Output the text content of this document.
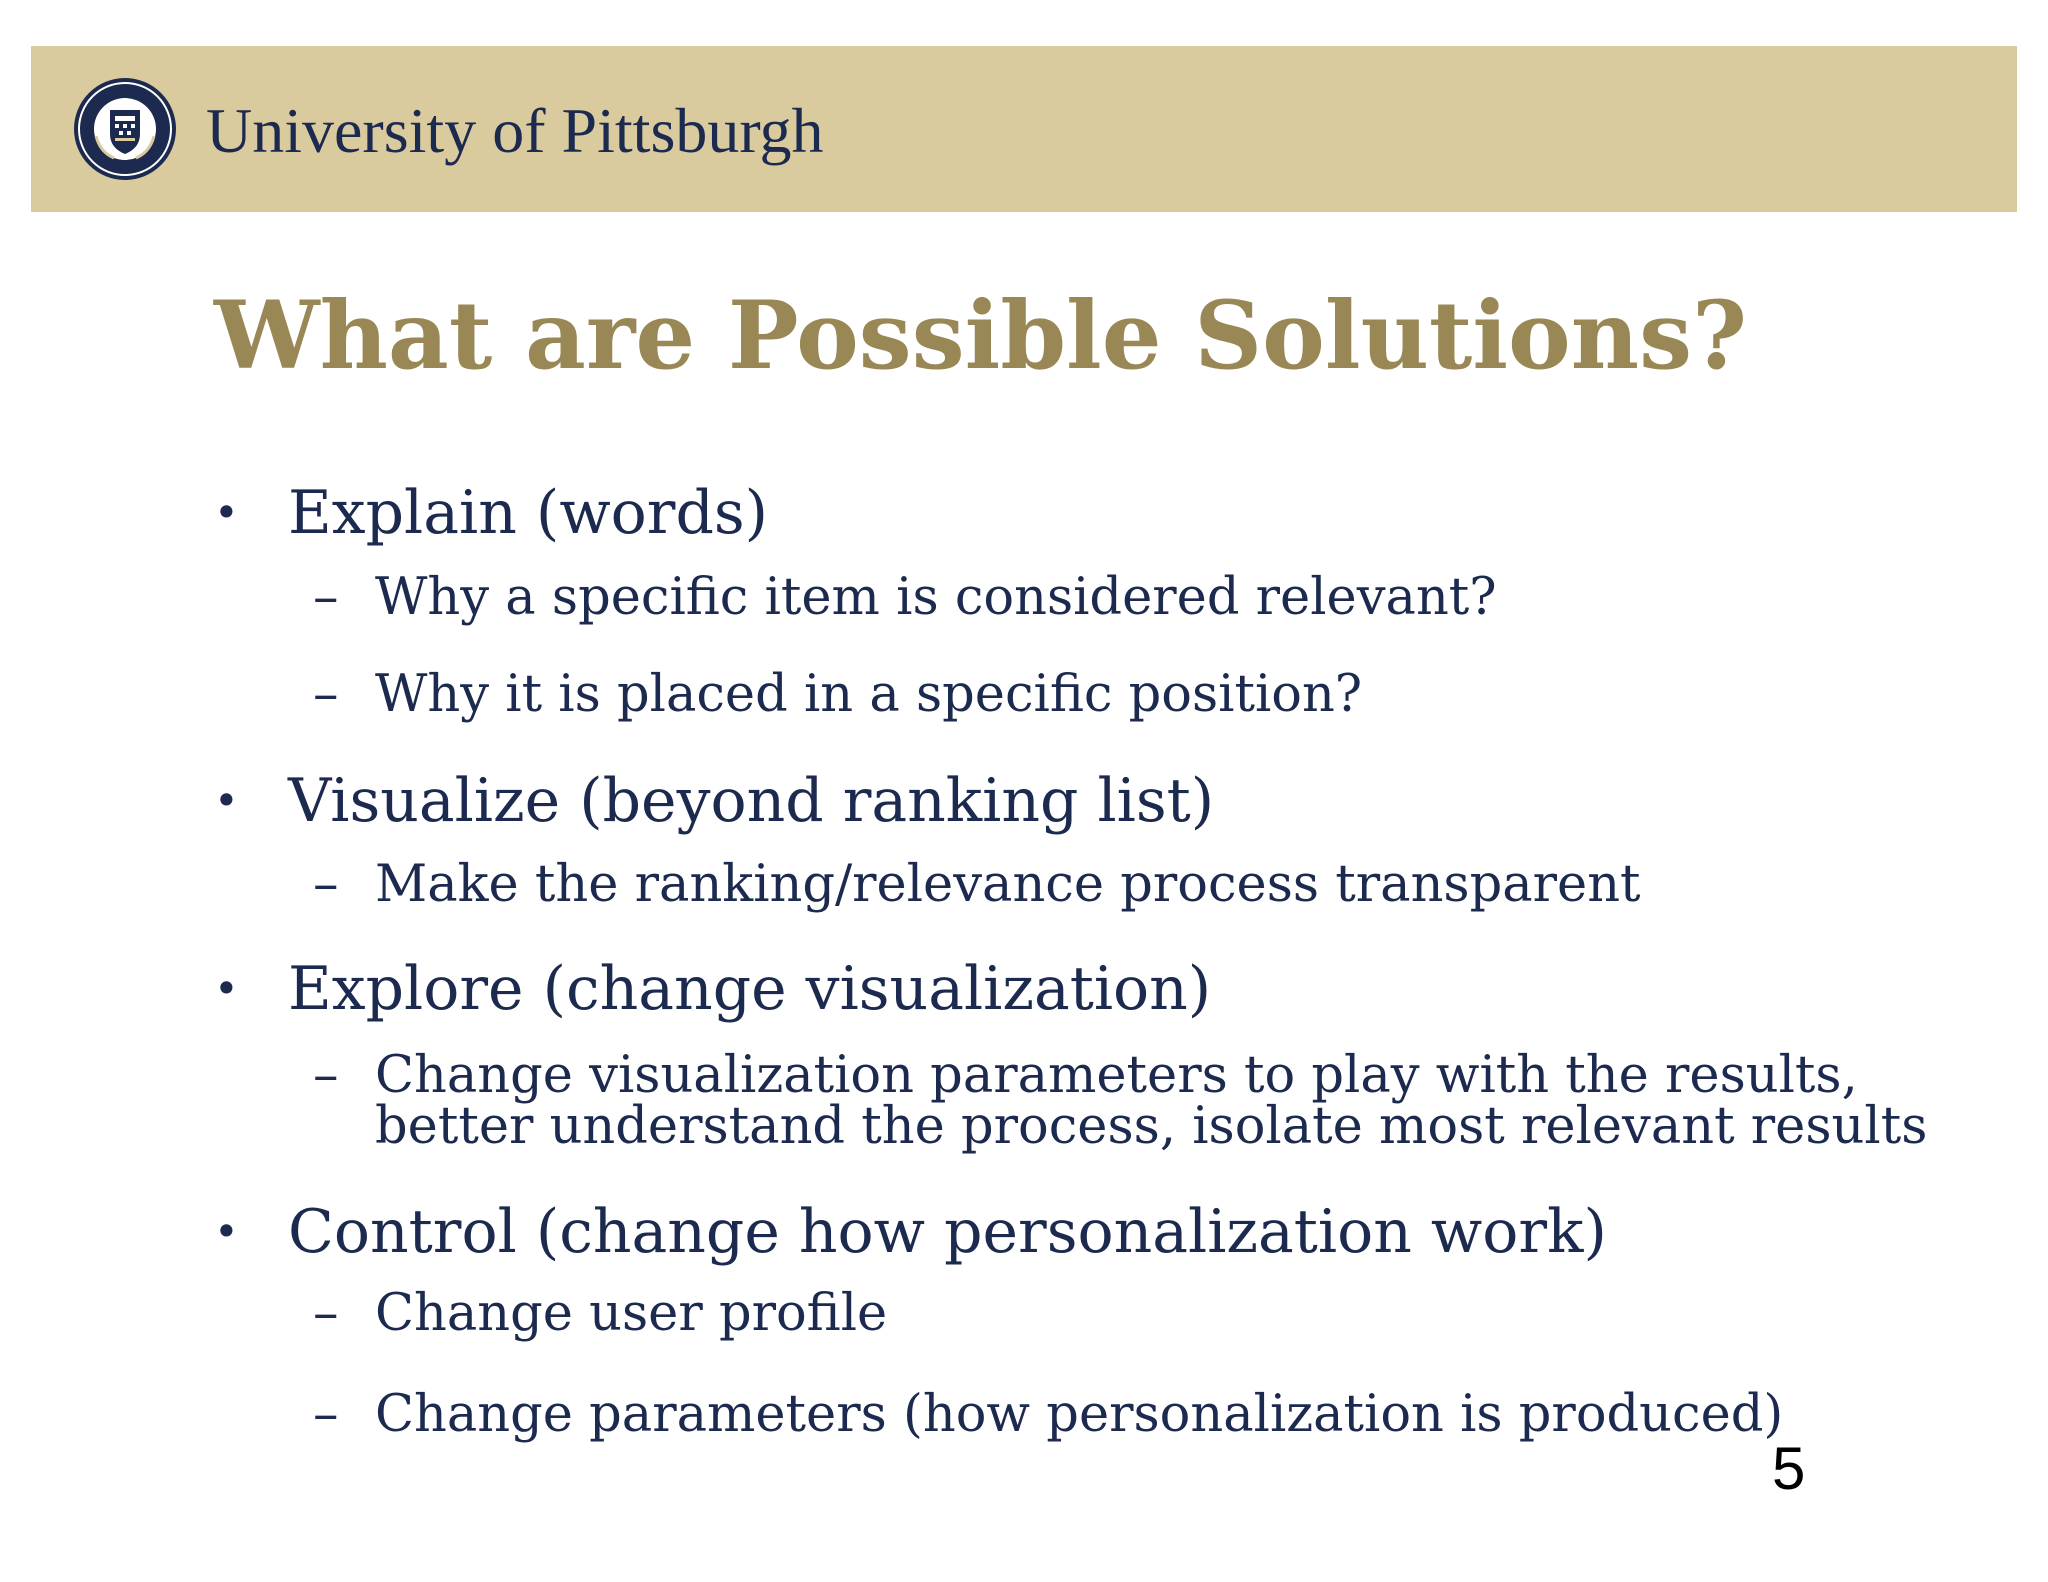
University of Pittsburgh
What are Possible Solutions?
• Explain (words)
– Why a specific item is considered relevant?
– Why it is placed in a specific position?
• Visualize (beyond ranking list)
– Make the ranking/relevance process transparent
• Explore (change visualization)
– Change visualization parameters to play with the results,
better understand the process, isolate most relevant results
• Control (change how personalization work)
– Change user profile
– Change parameters (how personalization is produced)
5
